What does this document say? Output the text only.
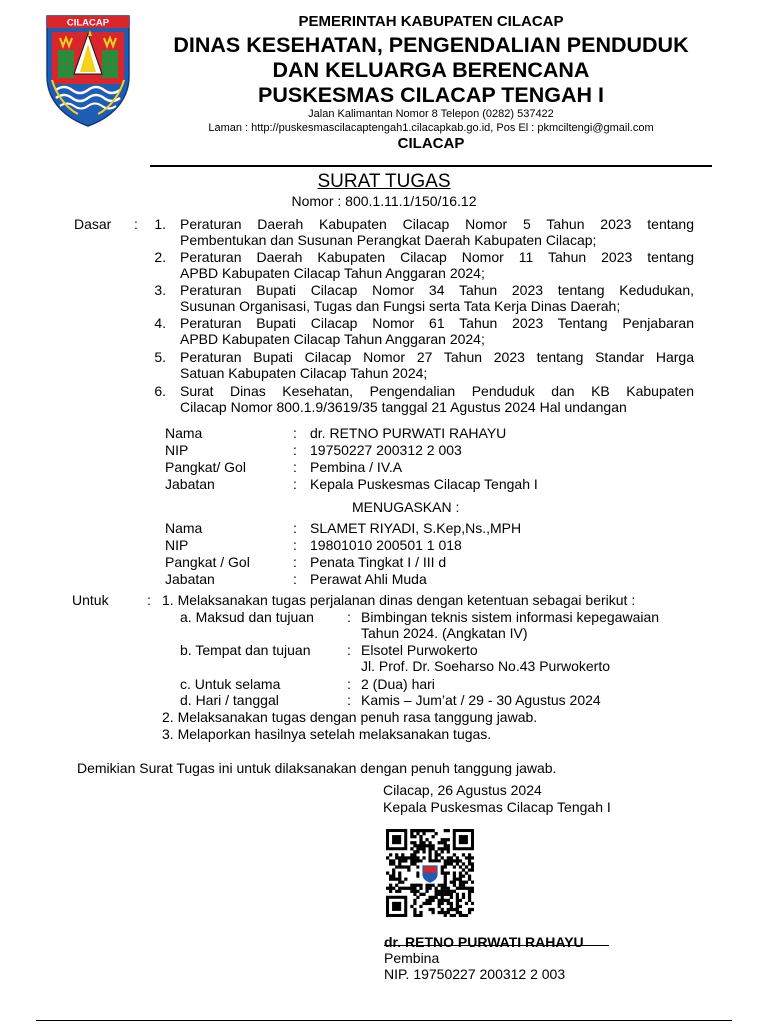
CILACAP	PEMERINTAH KABUPATEN CILACAP
DINAS KESEHATAN, PENGENDALIAN PENDUDUK
DAN KELUARGA BERENCANA
PUSKESMAS CILACAP TENGAH I
Jalan Kalimantan Nomor 8 Telepon (0282) 537422
Laman : http://puskesmascilacaptengah1.cilacapkab.go.id, Pos El : pkmciltengi@gmail.com
CILACAP
SURAT TUGAS
Nomor : 800.1.11.1/150/16.12
Dasar :	1. Peraturan Daerah Kabupaten Cilacap Nomor 5 Tahun 2023 tentang
Pembentukan dan Susunan Perangkat Daerah Kabupaten Cilacap;
2. Peraturan Daerah Kabupaten Cilacap Nomor 11 Tahun 2023 tentang
APBD Kabupaten Cilacap Tahun Anggaran 2024;
3. Peraturan Bupati Cilacap Nomor 34 Tahun 2023 tentang Kedudukan,
Susunan Organisasi, Tugas dan Fungsi serta Tata Kerja Dinas Daerah;
4. Peraturan Bupati Cilacap Nomor 61 Tahun 2023 Tentang Penjabaran
APBD Kabupaten Cilacap Tahun Anggaran 2024;
5. Peraturan Bupati Cilacap Nomor 27 Tahun 2023 tentang Standar Harga
Satuan Kabupaten Cilacap Tahun 2024;
6. Surat Dinas Kesehatan, Pengendalian Penduduk dan KB Kabupaten
Cilacap Nomor 800.1.9/3619/35 tanggal 21 Agustus 2024 Hal undangan
Nama	: dr. RETNO PURWATI RAHAYU
NIP	: 19750227 200312 2 003
Pangkat/ Gol	: Pembina / IV.A
Jabatan	: Kepala Puskesmas Cilacap Tengah I
MENUGASKAN :
Nama	: SLAMET RIYADI, S.Kep,Ns.,MPH
NIP	: 19801010 200501 1 018
Pangkat / Gol	: Penata Tingkat I / III d
Jabatan	: Perawat Ahli Muda
Untuk	: 1. Melaksanakan tugas perjalanan dinas dengan ketentuan sebagai berikut :
a. Maksud dan tujuan : Bimbingan teknis sistem informasi kepegawaian
Tahun 2024. (Angkatan IV)
b. Tempat dan tujuan	: Elsotel Purwokerto
Jl. Prof. Dr. Soeharso No.43 Purwokerto
c. Untuk selama	: 2 (Dua) hari
d. Hari / tanggal	: Kamis – Jum’at / 29 - 30 Agustus 2024
2. Melaksanakan tugas dengan penuh rasa tanggung jawab.
3. Melaporkan hasilnya setelah melaksanakan tugas.
Demikian Surat Tugas ini untuk dilaksanakan dengan penuh tanggung jawab.
Cilacap, 26 Agustus 2024
Kepala Puskesmas Cilacap Tengah I
dr. RETNO PURWATI RAHAYU
Pembina
NIP. 19750227 200312 2 003
